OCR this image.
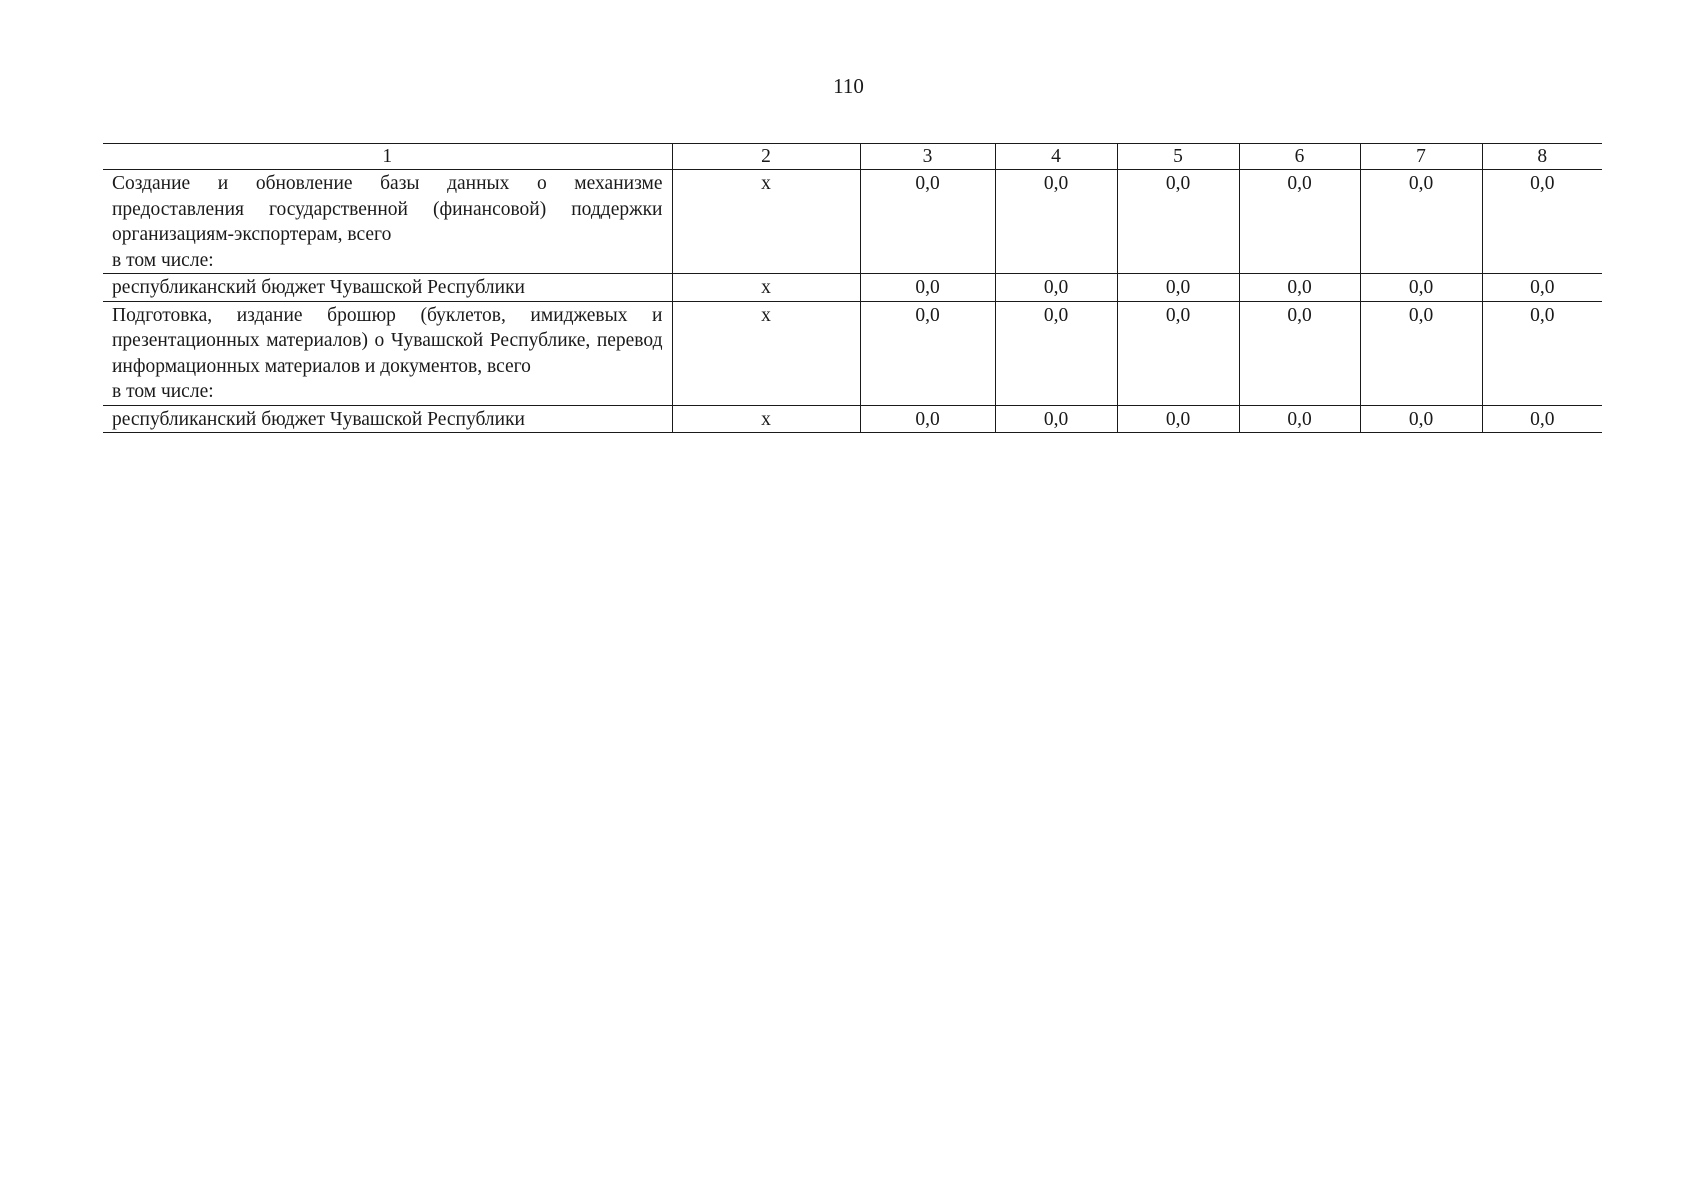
110
1	2	3	4	5	6	7	8

Создание и обновление базы данных о механизме предоставления государственной (финансовой) поддержки организациям-экспортерам, всего
в том числе:	x	0,0	0,0	0,0	0,0	0,0	0,0

республиканский бюджет Чувашской Республики	x	0,0	0,0	0,0	0,0	0,0	0,0

Подготовка, издание брошюр (буклетов, имиджевых и презентационных материалов) о Чувашской Республике, перевод информационных материалов и документов, всего
в том числе:	x	0,0	0,0	0,0	0,0	0,0	0,0

республиканский бюджет Чувашской Республики	x	0,0	0,0	0,0	0,0	0,0	0,0
